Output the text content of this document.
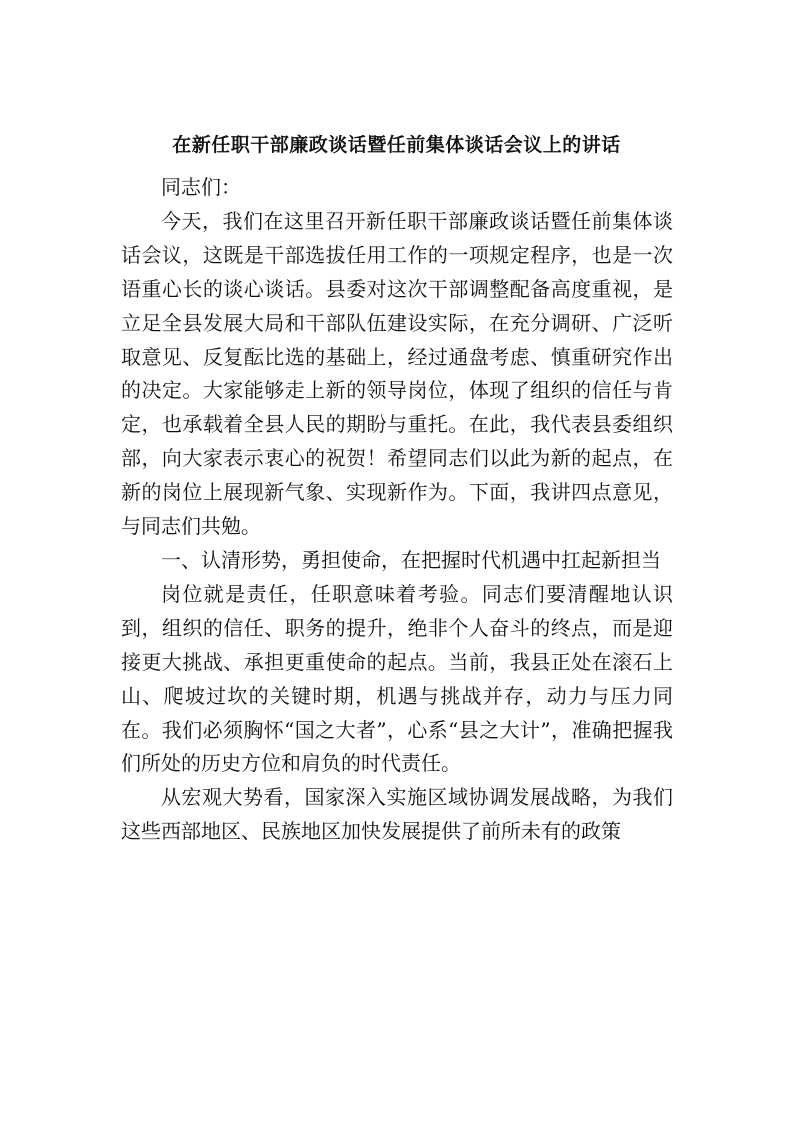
在新任职干部廉政谈话暨任前集体谈话会议上的讲话

同志们：

今天，我们在这里召开新任职干部廉政谈话暨任前集体谈话会议，这既是干部选拔任用工作的一项规定程序，也是一次语重心长的谈心谈话。县委对这次干部调整配备高度重视，是立足全县发展大局和干部队伍建设实际，在充分调研、广泛听取意见、反复酝比选的基础上，经过通盘考虑、慎重研究作出的决定。大家能够走上新的领导岗位，体现了组织的信任与肯定，也承载着全县人民的期盼与重托。在此，我代表县委组织部，向大家表示衷心的祝贺！希望同志们以此为新的起点，在新的岗位上展现新气象、实现新作为。下面，我讲四点意见，与同志们共勉。

一、认清形势，勇担使命，在把握时代机遇中扛起新担当

岗位就是责任，任职意味着考验。同志们要清醒地认识到，组织的信任、职务的提升，绝非个人奋斗的终点，而是迎接更大挑战、承担更重使命的起点。当前，我县正处在滚石上山、爬坡过坎的关键时期，机遇与挑战并存，动力与压力同在。我们必须胸怀“国之大者”，心系“县之大计”，准确把握我们所处的历史方位和肩负的时代责任。

从宏观大势看，国家深入实施区域协调发展战略，为我们这些西部地区、民族地区加快发展提供了前所未有的政策
